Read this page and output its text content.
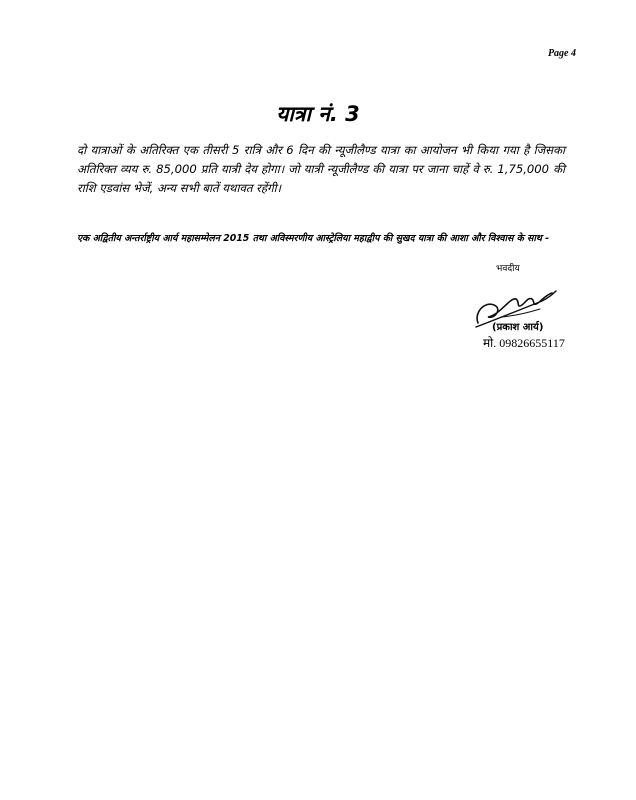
Page 4
यात्रा नं. 3
दो यात्राओं के अतिरिक्त एक तीसरी 5 रात्रि और 6 दिन की न्यूजीलैण्ड यात्रा का आयोजन भी किया गया है जिसका अतिरिक्त व्यय रु. 85,000 प्रति यात्री देय होगा। जो यात्री न्यूजीलैण्ड की यात्रा पर जाना चाहें वे रु. 1,75,000 की राशि एडवांस भेजें, अन्य सभी बातें यथावत रहेंगी।
एक अद्वितीय अन्तर्राष्ट्रीय आर्य महासम्मेलन 2015 तथा अविस्मरणीय आस्ट्रेलिया महाद्वीप की सुखद यात्रा की आशा और विश्वास के साथ -
भवदीय
(प्रकाश आर्य)
मो. 09826655117
